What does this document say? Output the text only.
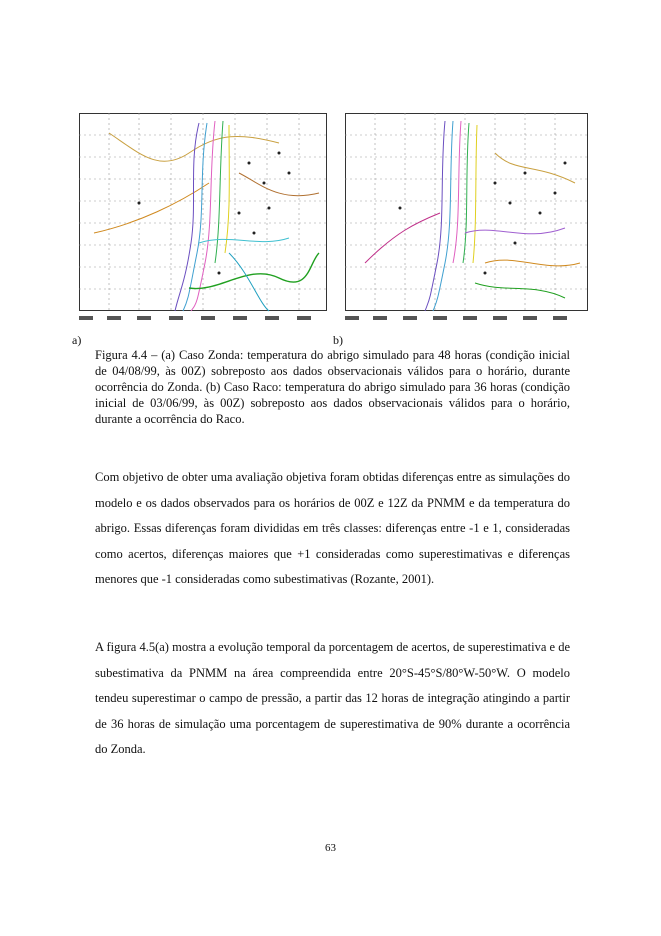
a)	b)
Figura 4.4 – (a) Caso Zonda: temperatura do abrigo simulado para 48 horas (condição inicial de 04/08/99, às 00Z) sobreposto aos dados observacionais válidos para o horário, durante ocorrência do Zonda. (b) Caso Raco: temperatura do abrigo simulado para 36 horas (condição inicial de 03/06/99, às 00Z) sobreposto aos dados observacionais válidos para o horário, durante a ocorrência do Raco.
Com objetivo de obter uma avaliação objetiva foram obtidas diferenças entre as simulações do modelo e os dados observados para os horários de 00Z e 12Z da PNMM e da temperatura do abrigo. Essas diferenças foram divididas em três classes: diferenças entre -1 e 1, consideradas como acertos, diferenças maiores que +1 consideradas como superestimativas e diferenças menores que -1 consideradas como subestimativas (Rozante, 2001).
A figura 4.5(a) mostra a evolução temporal da porcentagem de acertos, de superestimativa e de subestimativa da PNMM na área compreendida entre 20°S-45°S/80°W-50°W. O modelo tendeu superestimar o campo de pressão, a partir das 12 horas de integração atingindo a partir de 36 horas de simulação uma porcentagem de superestimativa de 90% durante a ocorrência do Zonda.
63
